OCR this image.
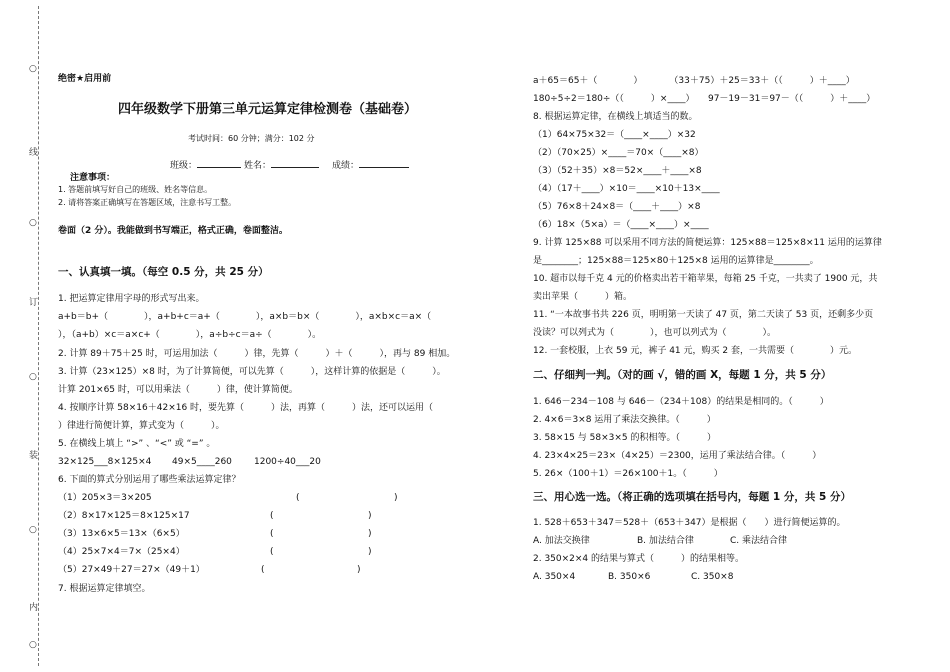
○
线
○
订
○
装
○
内
○
绝密★启用前
四年级数学下册第三单元运算定律检测卷（基础卷）
考试时间：60 分钟；满分：102 分
班级：	姓名：	成绩：
注意事项：
1. 答题前填写好自己的班级、姓名等信息。
2. 请将答案正确填写在答题区域，注意书写工整。
卷面（2 分）。我能做到书写端正，格式正确，卷面整洁。
一、认真填一填。（每空 0.5 分，共 25 分）
1. 把运算定律用字母的形式写出来。
a+b＝b+（　　　　），a+b+c＝a+（　　　　），a×b＝b×（　　　　），a×b×c＝a×（
），（a+b）×c＝a×c+（　　　　），a÷b÷c＝a÷（　　　　）。
2. 计算 89＋75＋25 时，可运用加法（　　　）律，先算（　　　）＋（　　　），再与 89 相加。
3. 计算（23×125）×8 时，为了计算简便，可以先算（　　　），这样计算的依据是（　　　）。
计算 201×65 时，可以用乘法（　　　）律，使计算简便。
4. 按顺序计算 58×16＋42×16 时，要先算（　　　）法，再算（　　　）法，还可以运用（
）律进行简便计算，算式变为（　　　）。
5. 在横线上填上 “>” 、“<” 或 “=” 。
32×125___8×125×4 49×5____260 1200÷40___20
6. 下面的算式分别运用了哪些乘法运算定律？
（1）205×3＝3×205	(	)
（2）8×17×125＝8×125×17	(	)
（3）13×6×5＝13×（6×5）	(	)
（4）25×7×4＝7×（25×4）	(	)
（5）27×49＋27＝27×（49＋1）	(	)
7. 根据运算定律填空。
a＋65＝65＋（　　　　）　　　　（33＋75）＋25＝33＋（（　　　）＋____）
180÷5÷2＝180÷（（　　　）×____）　　97－19－31＝97－（（　　　）＋____）
8. 根据运算定律，在横线上填适当的数。
（1）64×75×32＝（____×____）×32
（2）（70×25）×____＝70×（____×8）
（3）（52＋35）×8＝52×____＋____×8
（4）（17＋____）×10＝____×10＋13×____
（5）76×8＋24×8＝（____＋____）×8
（6）18×（5×a）＝（____×____）×____
9. 计算 125×88 可以采用不同方法的简便运算：125×88＝125×8×11 运用的运算律
是________；125×88＝125×80＋125×8 运用的运算律是________。
10. 超市以每千克 4 元的价格卖出若干箱苹果，每箱 25 千克，一共卖了 1900 元，共
卖出苹果（　　　）箱。
11. “一本故事书共 226 页，明明第一天读了 47 页，第二天读了 53 页，还剩多少页
没读？可以列式为（　　　　），也可以列式为（　　　　）。
12. 一套校服，上衣 59 元，裤子 41 元，购买 2 套，一共需要（　　　　）元。
二、仔细判一判。（对的画 √，错的画 X，每题 1 分，共 5 分）
1. 646－234－108 与 646－（234＋108）的结果是相同的。（　　　）
2. 4×6＝3×8 运用了乘法交换律。（　　　）
3. 58×15 与 58×3×5 的积相等。（　　　）
4. 23×4×25＝23×（4×25）＝2300，运用了乘法结合律。（　　　）
5. 26×（100＋1）＝26×100＋1。（　　　）
三、用心选一选。（将正确的选项填在括号内，每题 1 分，共 5 分）
1. 528＋653＋347＝528＋（653＋347）是根据（　　）进行简便运算的。
A. 加法交换律	B. 加法结合律	C. 乘法结合律
2. 350×2×4 的结果与算式（　　　）的结果相等。
A. 350×4	B. 350×6	C. 350×8
